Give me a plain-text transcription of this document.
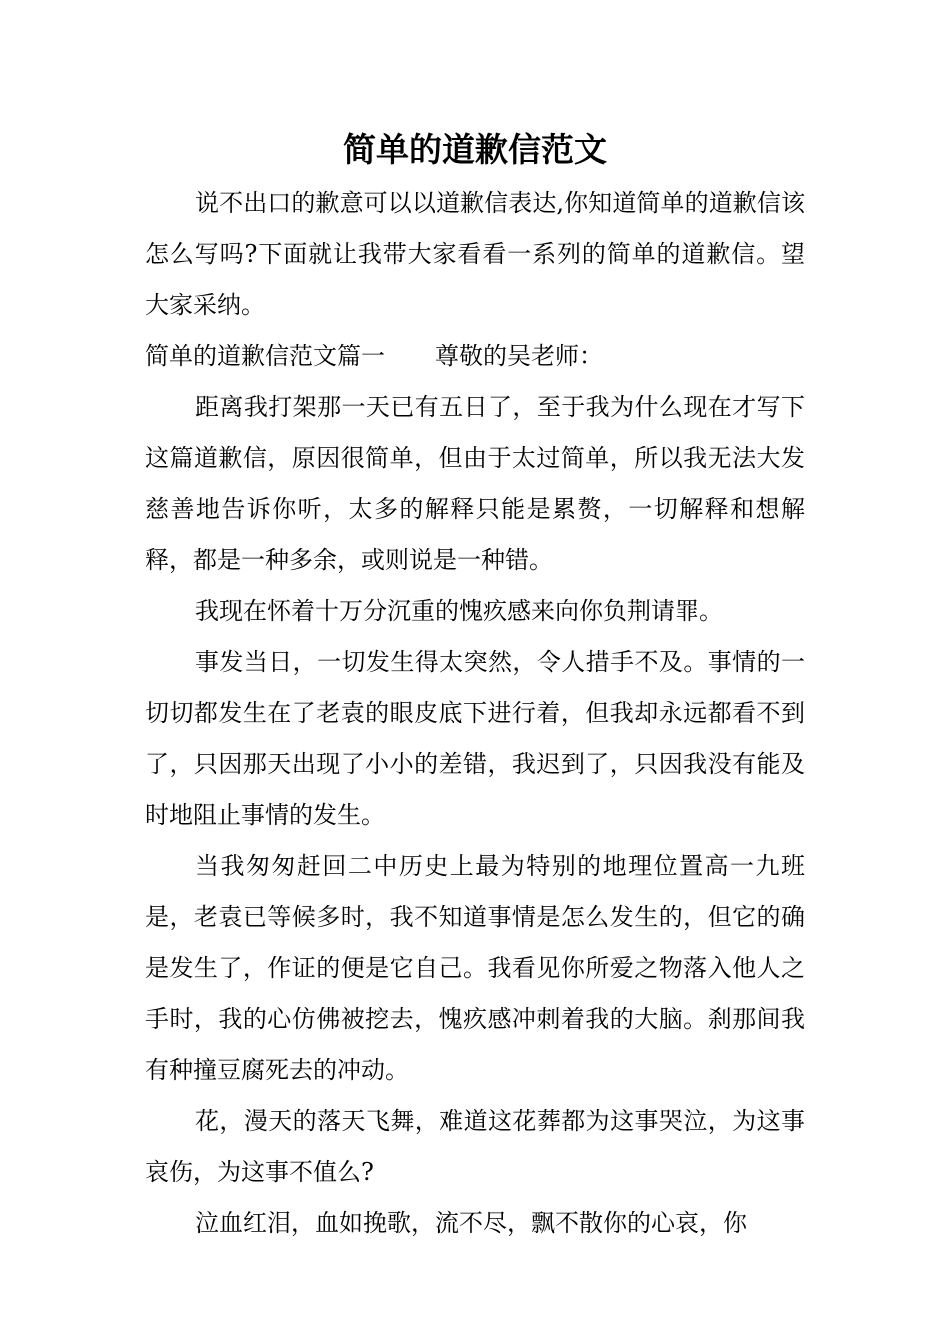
简单的道歉信范文

说不出口的歉意可以以道歉信表达,你知道简单的道歉信该怎么写吗?下面就让我带大家看看一系列的简单的道歉信。望大家采纳。

简单的道歉信范文篇一 尊敬的吴老师：

距离我打架那一天已有五日了，至于我为什么现在才写下这篇道歉信，原因很简单，但由于太过简单，所以我无法大发慈善地告诉你听，太多的解释只能是累赘，一切解释和想解释，都是一种多余，或则说是一种错。

我现在怀着十万分沉重的愧疚感来向你负荆请罪。

事发当日，一切发生得太突然，令人措手不及。事情的一切切都发生在了老袁的眼皮底下进行着，但我却永远都看不到了，只因那天出现了小小的差错，我迟到了，只因我没有能及时地阻止事情的发生。

当我匆匆赶回二中历史上最为特别的地理位置高一九班是，老袁已等候多时，我不知道事情是怎么发生的，但它的确是发生了，作证的便是它自己。我看见你所爱之物落入他人之手时，我的心仿佛被挖去，愧疚感冲刺着我的大脑。刹那间我有种撞豆腐死去的冲动。

花，漫天的落天飞舞，难道这花葬都为这事哭泣，为这事哀伤，为这事不值么?

泣血红泪，血如挽歌，流不尽，飘不散你的心哀，你
